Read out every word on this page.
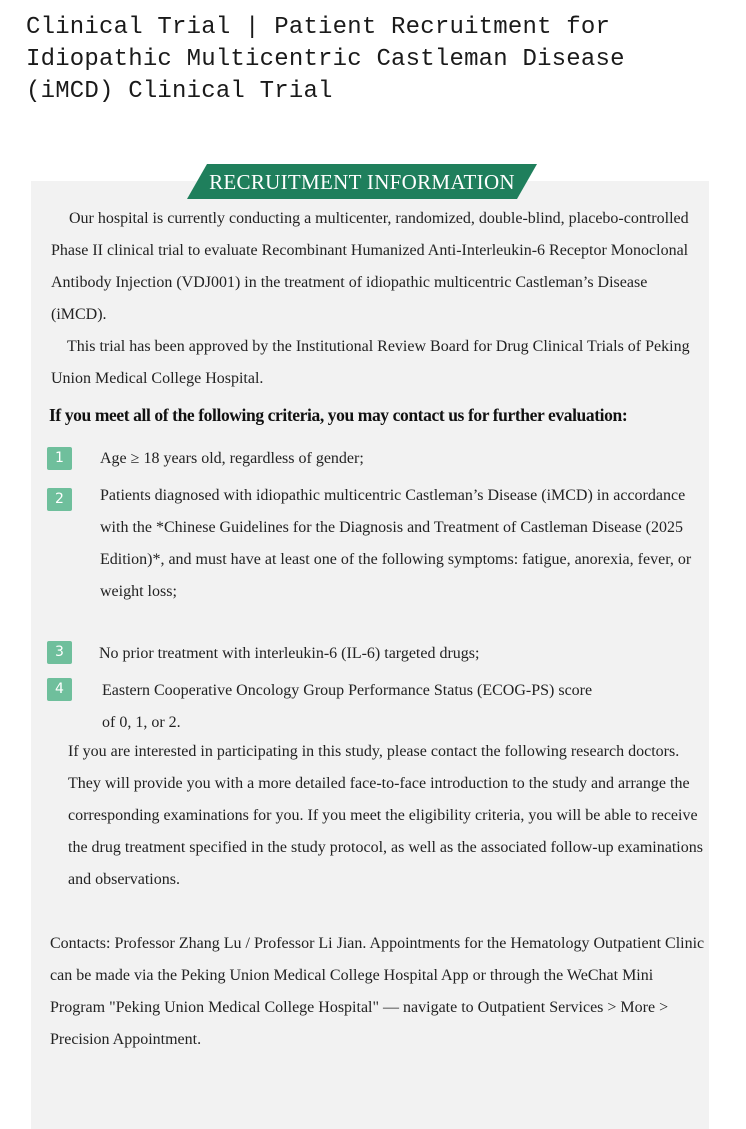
Clinical Trial | Patient Recruitment for Idiopathic Multicentric Castleman Disease (iMCD) Clinical Trial
RECRUITMENT INFORMATION

Our hospital is currently conducting a multicenter, randomized, double-blind, placebo-controlled Phase II clinical trial to evaluate Recombinant Humanized Anti-Interleukin-6 Receptor Monoclonal Antibody Injection (VDJ001) in the treatment of idiopathic multicentric Castleman’s Disease (iMCD).

This trial has been approved by the Institutional Review Board for Drug Clinical Trials of Peking Union Medical College Hospital.

If you meet all of the following criteria, you may contact us for further evaluation:

1	Age ≥ 18 years old, regardless of gender;

2	Patients diagnosed with idiopathic multicentric Castleman’s Disease (iMCD) in accordance with the *Chinese Guidelines for the Diagnosis and Treatment of Castleman Disease (2025 Edition)*, and must have at least one of the following symptoms: fatigue, anorexia, fever, or weight loss;

3	No prior treatment with interleukin-6 (IL-6) targeted drugs;

4	Eastern Cooperative Oncology Group Performance Status (ECOG-PS) score
of 0, 1, or 2.

If you are interested in participating in this study, please contact the following research doctors. They will provide you with a more detailed face-to-face introduction to the study and arrange the corresponding examinations for you. If you meet the eligibility criteria, you will be able to receive the drug treatment specified in the study protocol, as well as the associated follow-up examinations and observations.

Contacts: Professor Zhang Lu / Professor Li Jian. Appointments for the Hematology Outpatient Clinic can be made via the Peking Union Medical College Hospital App or through the WeChat Mini Program "Peking Union Medical College Hospital" — navigate to Outpatient Services > More > Precision Appointment.
